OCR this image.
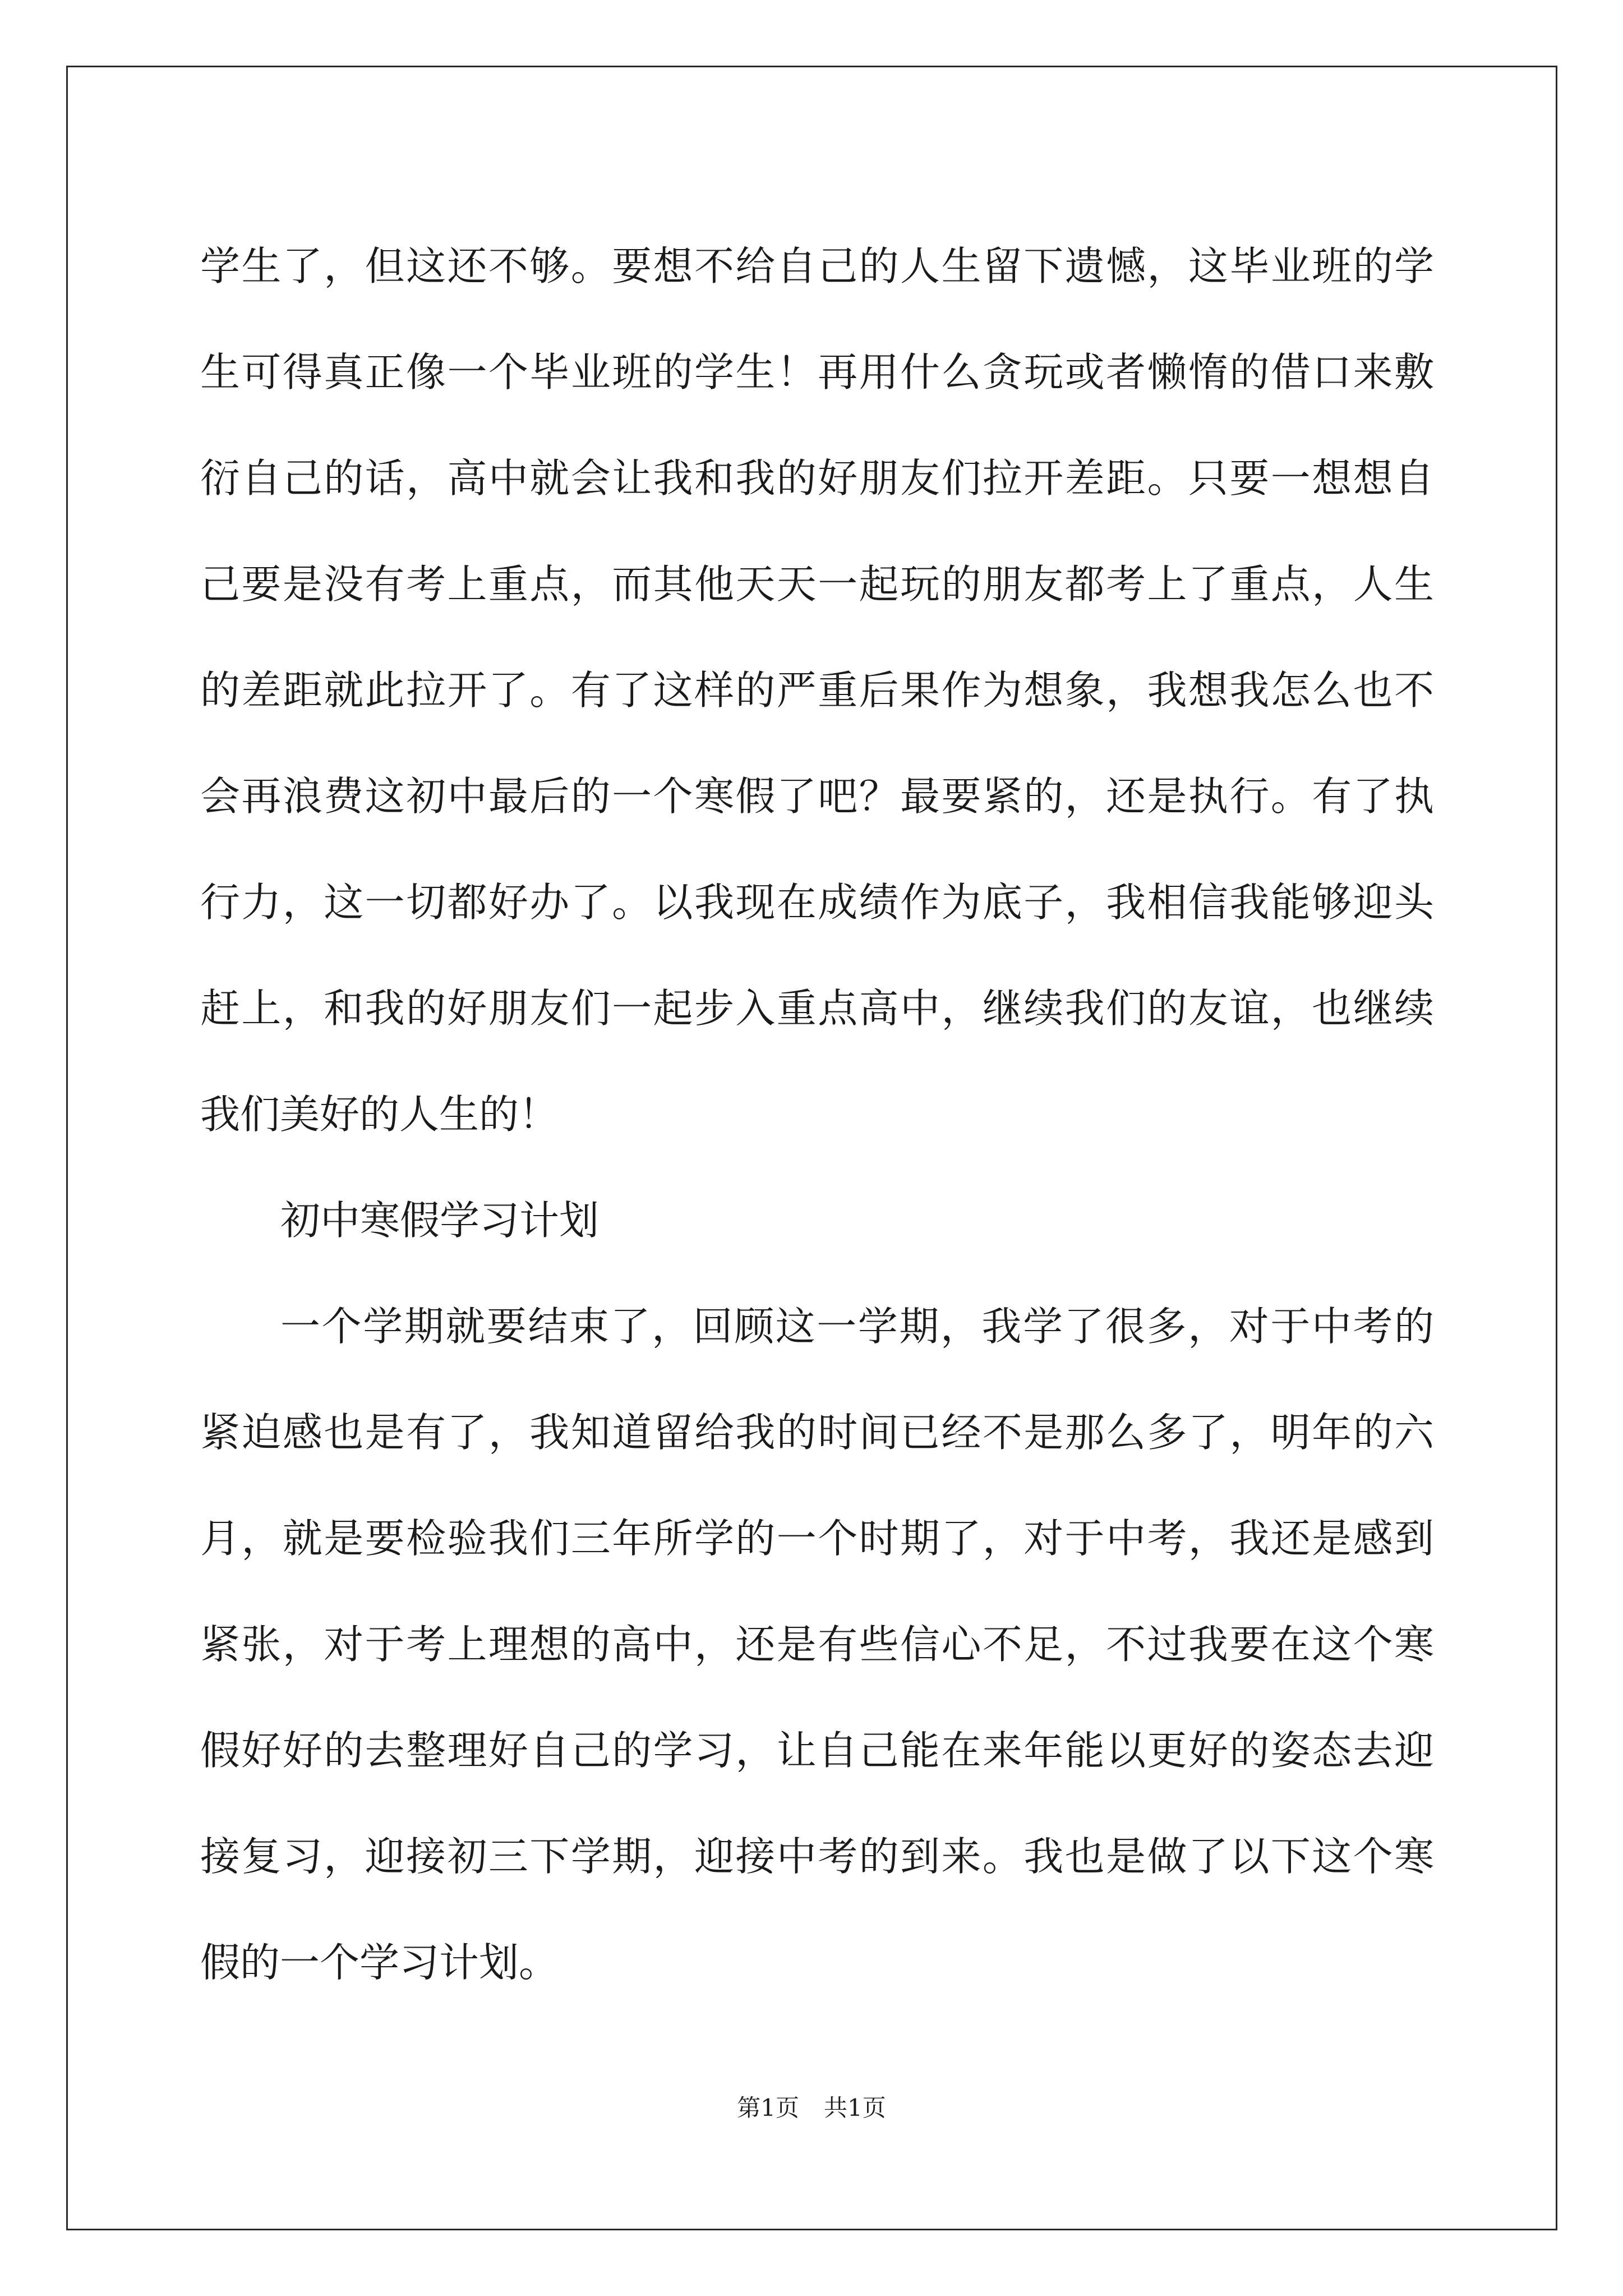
学生了，但这还不够。要想不给自己的人生留下遗憾，这毕业班的学
生可得真正像一个毕业班的学生！再用什么贪玩或者懒惰的借口来敷
衍自己的话，高中就会让我和我的好朋友们拉开差距。只要一想想自
己要是没有考上重点，而其他天天一起玩的朋友都考上了重点，人生
的差距就此拉开了。有了这样的严重后果作为想象，我想我怎么也不
会再浪费这初中最后的一个寒假了吧？最要紧的，还是执行。有了执
行力，这一切都好办了。以我现在成绩作为底子，我相信我能够迎头
赶上，和我的好朋友们一起步入重点高中，继续我们的友谊，也继续
我们美好的人生的！
初中寒假学习计划
一个学期就要结束了，回顾这一学期，我学了很多，对于中考的
紧迫感也是有了，我知道留给我的时间已经不是那么多了，明年的六
月，就是要检验我们三年所学的一个时期了，对于中考，我还是感到
紧张，对于考上理想的高中，还是有些信心不足，不过我要在这个寒
假好好的去整理好自己的学习，让自己能在来年能以更好的姿态去迎
接复习，迎接初三下学期，迎接中考的到来。我也是做了以下这个寒
假的一个学习计划。
第1页 共1页
